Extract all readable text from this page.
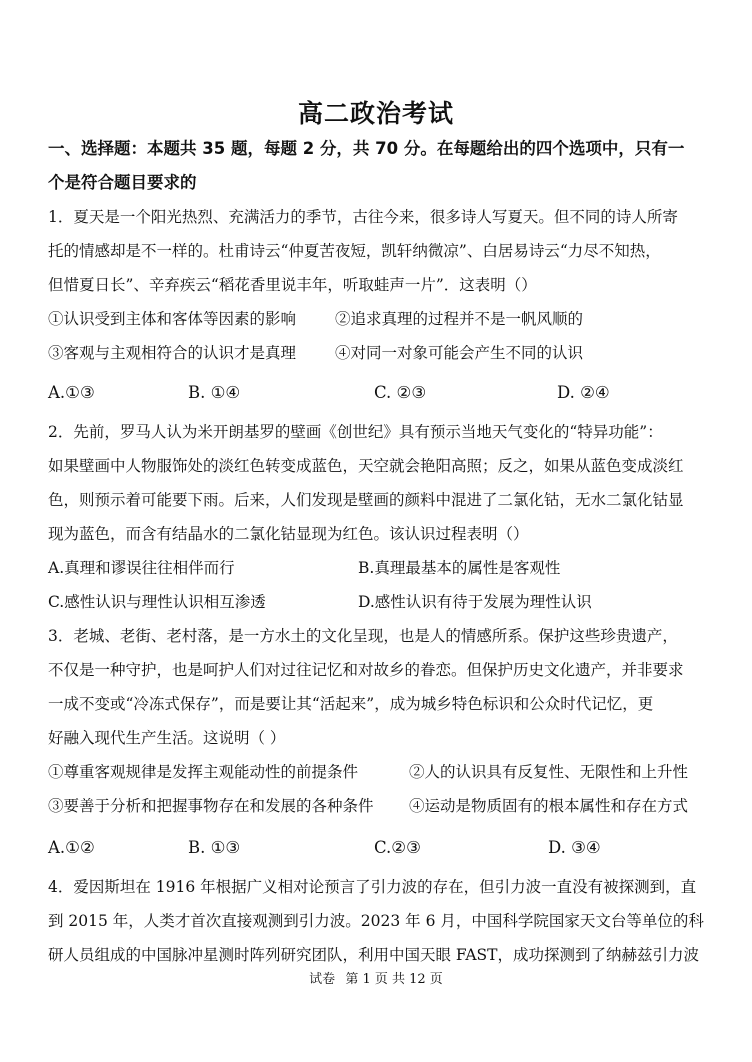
高二政治考试
一、选择题：本题共 35 题，每题 2 分，共 70 分。在每题给出的四个选项中，只有一
个是符合题目要求的
1．夏天是一个阳光热烈、充满活力的季节，古往今来，很多诗人写夏天。但不同的诗人所寄
托的情感却是不一样的。杜甫诗云“仲夏苦夜短，凯轩纳微凉”、白居易诗云“力尽不知热，
但惜夏日长”、辛弃疾云“稻花香里说丰年，听取蛙声一片”．这表明（）
①认识受到主体和客体等因素的影响	②追求真理的过程并不是一帆风顺的
③客观与主观相符合的认识才是真理	④对同一对象可能会产生不同的认识
A.①③	B. ①④	C. ②③	D. ②④
2．先前，罗马人认为米开朗基罗的壁画《创世纪》具有预示当地天气变化的“特异功能”：
如果壁画中人物服饰处的淡红色转变成蓝色，天空就会艳阳高照；反之，如果从蓝色变成淡红
色，则预示着可能要下雨。后来，人们发现是壁画的颜料中混进了二氯化钴，无水二氯化钴显
现为蓝色，而含有结晶水的二氯化钴显现为红色。该认识过程表明（）
A.真理和谬误往往相伴而行	B.真理最基本的属性是客观性
C.感性认识与理性认识相互渗透	D.感性认识有待于发展为理性认识
3．老城、老街、老村落，是一方水土的文化呈现，也是人的情感所系。保护这些珍贵遗产，
不仅是一种守护，也是呵护人们对过往记忆和对故乡的眷恋。但保护历史文化遗产，并非要求
一成不变或“冷冻式保存”，而是要让其“活起来”，成为城乡特色标识和公众时代记忆，更
好融入现代生产生活。这说明（ ）
①尊重客观规律是发挥主观能动性的前提条件	②人的认识具有反复性、无限性和上升性
③要善于分析和把握事物存在和发展的各种条件 ④运动是物质固有的根本属性和存在方式
A.①②	B. ①③	C.②③	D. ③④
4．爱因斯坦在 1916 年根据广义相对论预言了引力波的存在，但引力波一直没有被探测到，直
到 2015 年，人类才首次直接观测到引力波。2023 年 6 月，中国科学院国家天文台等单位的科
研人员组成的中国脉冲星测时阵列研究团队，利用中国天眼 FAST，成功探测到了纳赫兹引力波
试卷 第 1 页 共 12 页
